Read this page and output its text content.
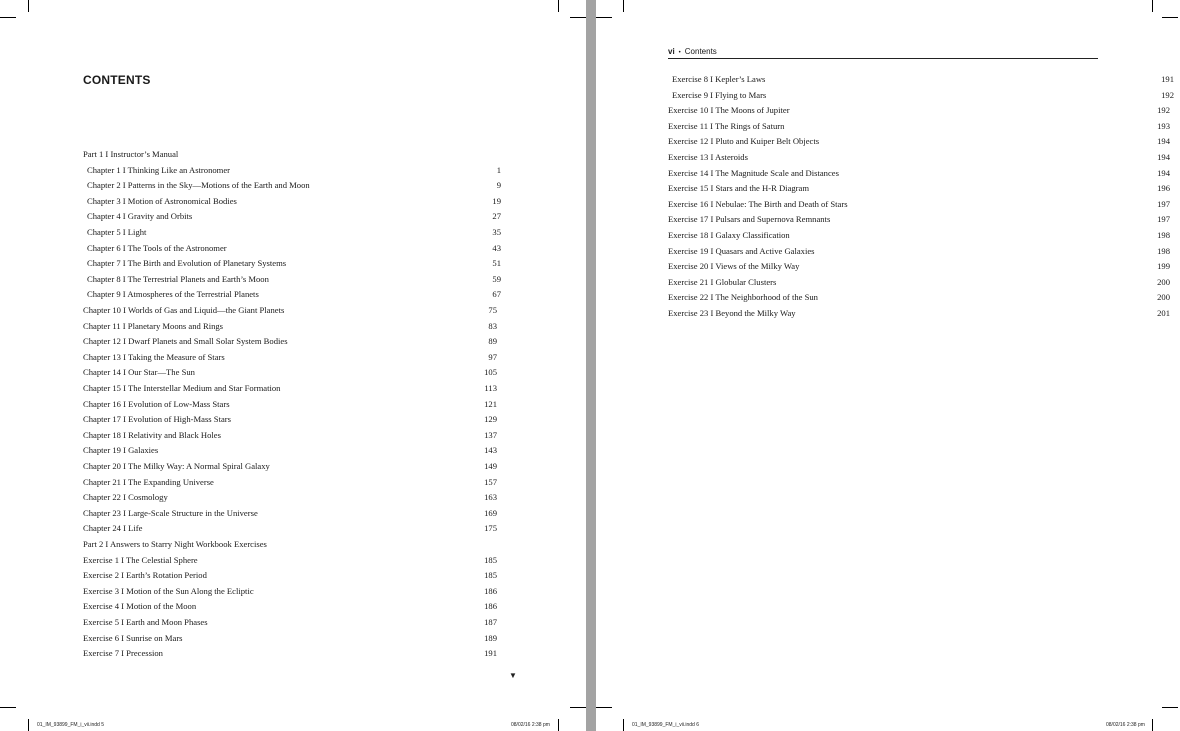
CONTENTS
Part 1 I Instructor’s Manual
Chapter 1 I Thinking Like an Astronomer	1
Chapter 2 I Patterns in the Sky—Motions of the Earth and Moon	9
Chapter 3 I Motion of Astronomical Bodies	19
Chapter 4 I Gravity and Orbits	27
Chapter 5 I Light	35
Chapter 6 I The Tools of the Astronomer	43
Chapter 7 I The Birth and Evolution of Planetary Systems	51
Chapter 8 I The Terrestrial Planets and Earth’s Moon	59
Chapter 9 I Atmospheres of the Terrestrial Planets	67
Chapter 10 I Worlds of Gas and Liquid—the Giant Planets	75
Chapter 11 I Planetary Moons and Rings	83
Chapter 12 I Dwarf Planets and Small Solar System Bodies	89
Chapter 13 I Taking the Measure of Stars	97
Chapter 14 I Our Star—The Sun	105
Chapter 15 I The Interstellar Medium and Star Formation	113
Chapter 16 I Evolution of Low-Mass Stars	121
Chapter 17 I Evolution of High-Mass Stars	129
Chapter 18 I Relativity and Black Holes	137
Chapter 19 I Galaxies	143
Chapter 20 I The Milky Way: A Normal Spiral Galaxy	149
Chapter 21 I The Expanding Universe	157
Chapter 22 I Cosmology	163
Chapter 23 I Large-Scale Structure in the Universe	169
Chapter 24 I Life	175
Part 2 I Answers to Starry Night Workbook Exercises
Exercise 1 I The Celestial Sphere	185
Exercise 2 I Earth’s Rotation Period	185
Exercise 3 I Motion of the Sun Along the Ecliptic	186
Exercise 4 I Motion of the Moon	186
Exercise 5 I Earth and Moon Phases	187
Exercise 6 I Sunrise on Mars	189
Exercise 7 I Precession	191
▼
01_IM_93899_FM_i_vii.indd 5	08/02/16 2:38 pm
vi • Contents
Exercise 8 I Kepler’s Laws	191
Exercise 9 I Flying to Mars	192
Exercise 10 I The Moons of Jupiter	192
Exercise 11 I The Rings of Saturn	193
Exercise 12 I Pluto and Kuiper Belt Objects	194
Exercise 13 I Asteroids	194
Exercise 14 I The Magnitude Scale and Distances	194
Exercise 15 I Stars and the H-R Diagram	196
Exercise 16 I Nebulae: The Birth and Death of Stars	197
Exercise 17 I Pulsars and Supernova Remnants	197
Exercise 18 I Galaxy Classification	198
Exercise 19 I Quasars and Active Galaxies	198
Exercise 20 I Views of the Milky Way	199
Exercise 21 I Globular Clusters	200
Exercise 22 I The Neighborhood of the Sun	200
Exercise 23 I Beyond the Milky Way	201
01_IM_93899_FM_i_vii.indd 6	08/02/16 2:38 pm
